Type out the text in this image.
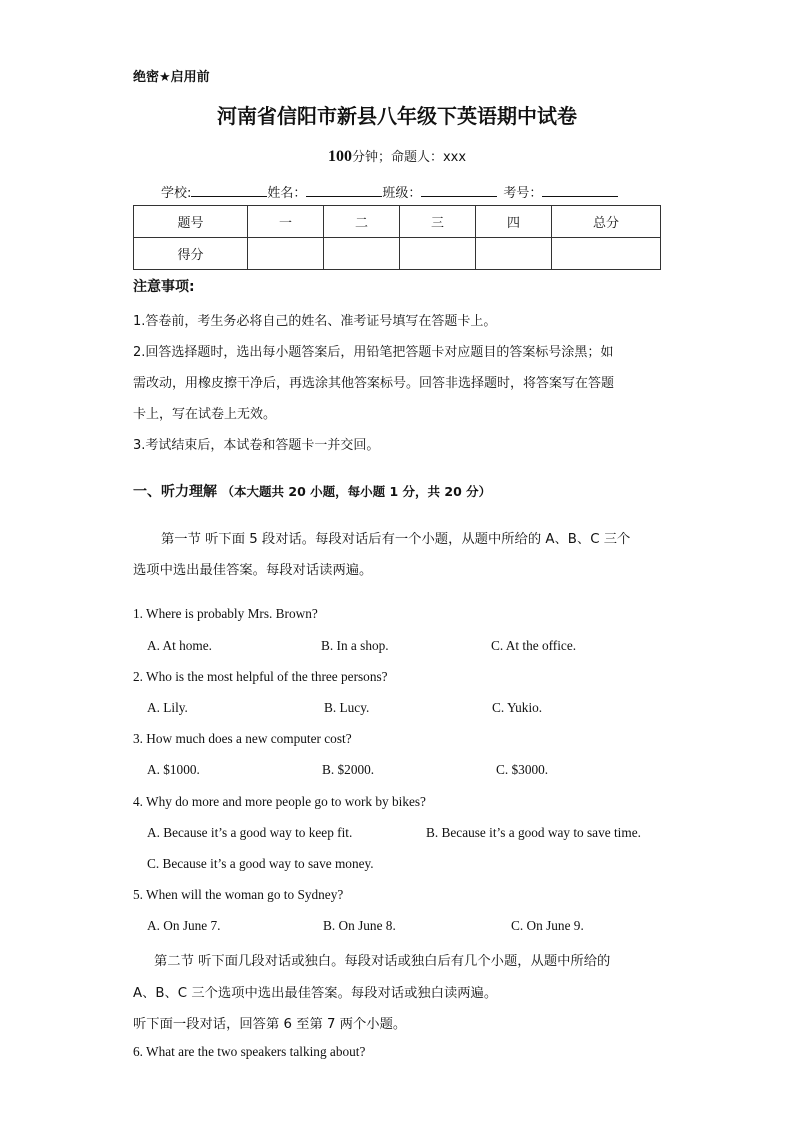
绝密★启用前
河南省信阳市新县八年级下英语期中试卷
100分钟；命题人：xxx
学校:	姓名：	班级：	考号：
题号	一	二	三	四	总分
得分					
注意事项:
1.答卷前，考生务必将自己的姓名、准考证号填写在答题卡上。
2.回答选择题时，选出每小题答案后，用铅笔把答题卡对应题目的答案标号涂黑；如
需改动，用橡皮擦干净后，再选涂其他答案标号。回答非选择题时，将答案写在答题
卡上，写在试卷上无效。
3.考试结束后，本试卷和答题卡一并交回。
一、听力理解 （本大题共 20 小题，每小题 1 分，共 20 分）
第一节 听下面 5 段对话。每段对话后有一个小题，从题中所给的 A、B、C 三个
选项中选出最佳答案。每段对话读两遍。
1. Where is probably Mrs. Brown?
A. At home.	B. In a shop.	C. At the office.
2. Who is the most helpful of the three persons?
A. Lily.	B. Lucy.	C. Yukio.
3. How much does a new computer cost?
A. $1000.	B. $2000.	C. $3000.
4. Why do more and more people go to work by bikes?
A. Because it’s a good way to keep fit.	B. Because it’s a good way to save time.
C. Because it’s a good way to save money.
5. When will the woman go to Sydney?
A. On June 7.	B. On June 8.	C. On June 9.
第二节 听下面几段对话或独白。每段对话或独白后有几个小题，从题中所给的
A、B、C 三个选项中选出最佳答案。每段对话或独白读两遍。
听下面一段对话，回答第 6 至第 7 两个小题。
6. What are the two speakers talking about?
